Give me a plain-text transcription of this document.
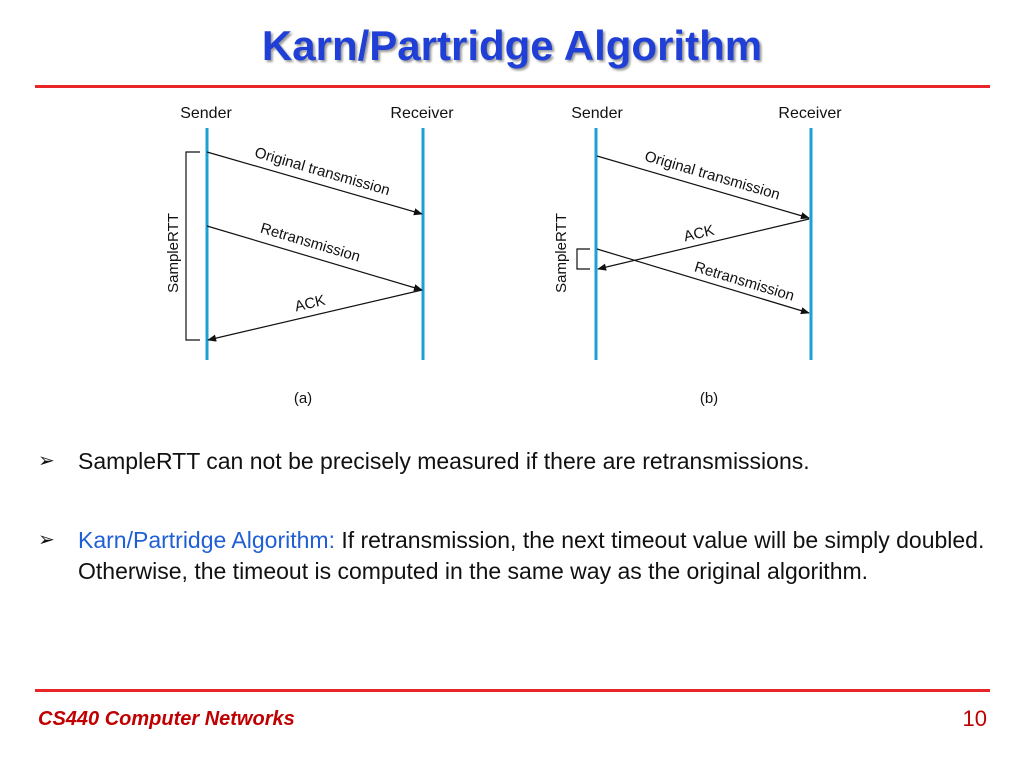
Karn/Partridge Algorithm
Sender	Receiver
SampleRTT
Original transmission
Retransmission
ACK
(a)
Sender	Receiver
SampleRTT
Original transmission
ACK
Retransmission
(b)
➢ SampleRTT can not be precisely measured if there are retransmissions.
➢ Karn/Partridge Algorithm: If retransmission, the next timeout value will be simply doubled. Otherwise, the timeout is computed in the same way as the original algorithm.
CS440 Computer Networks	10
